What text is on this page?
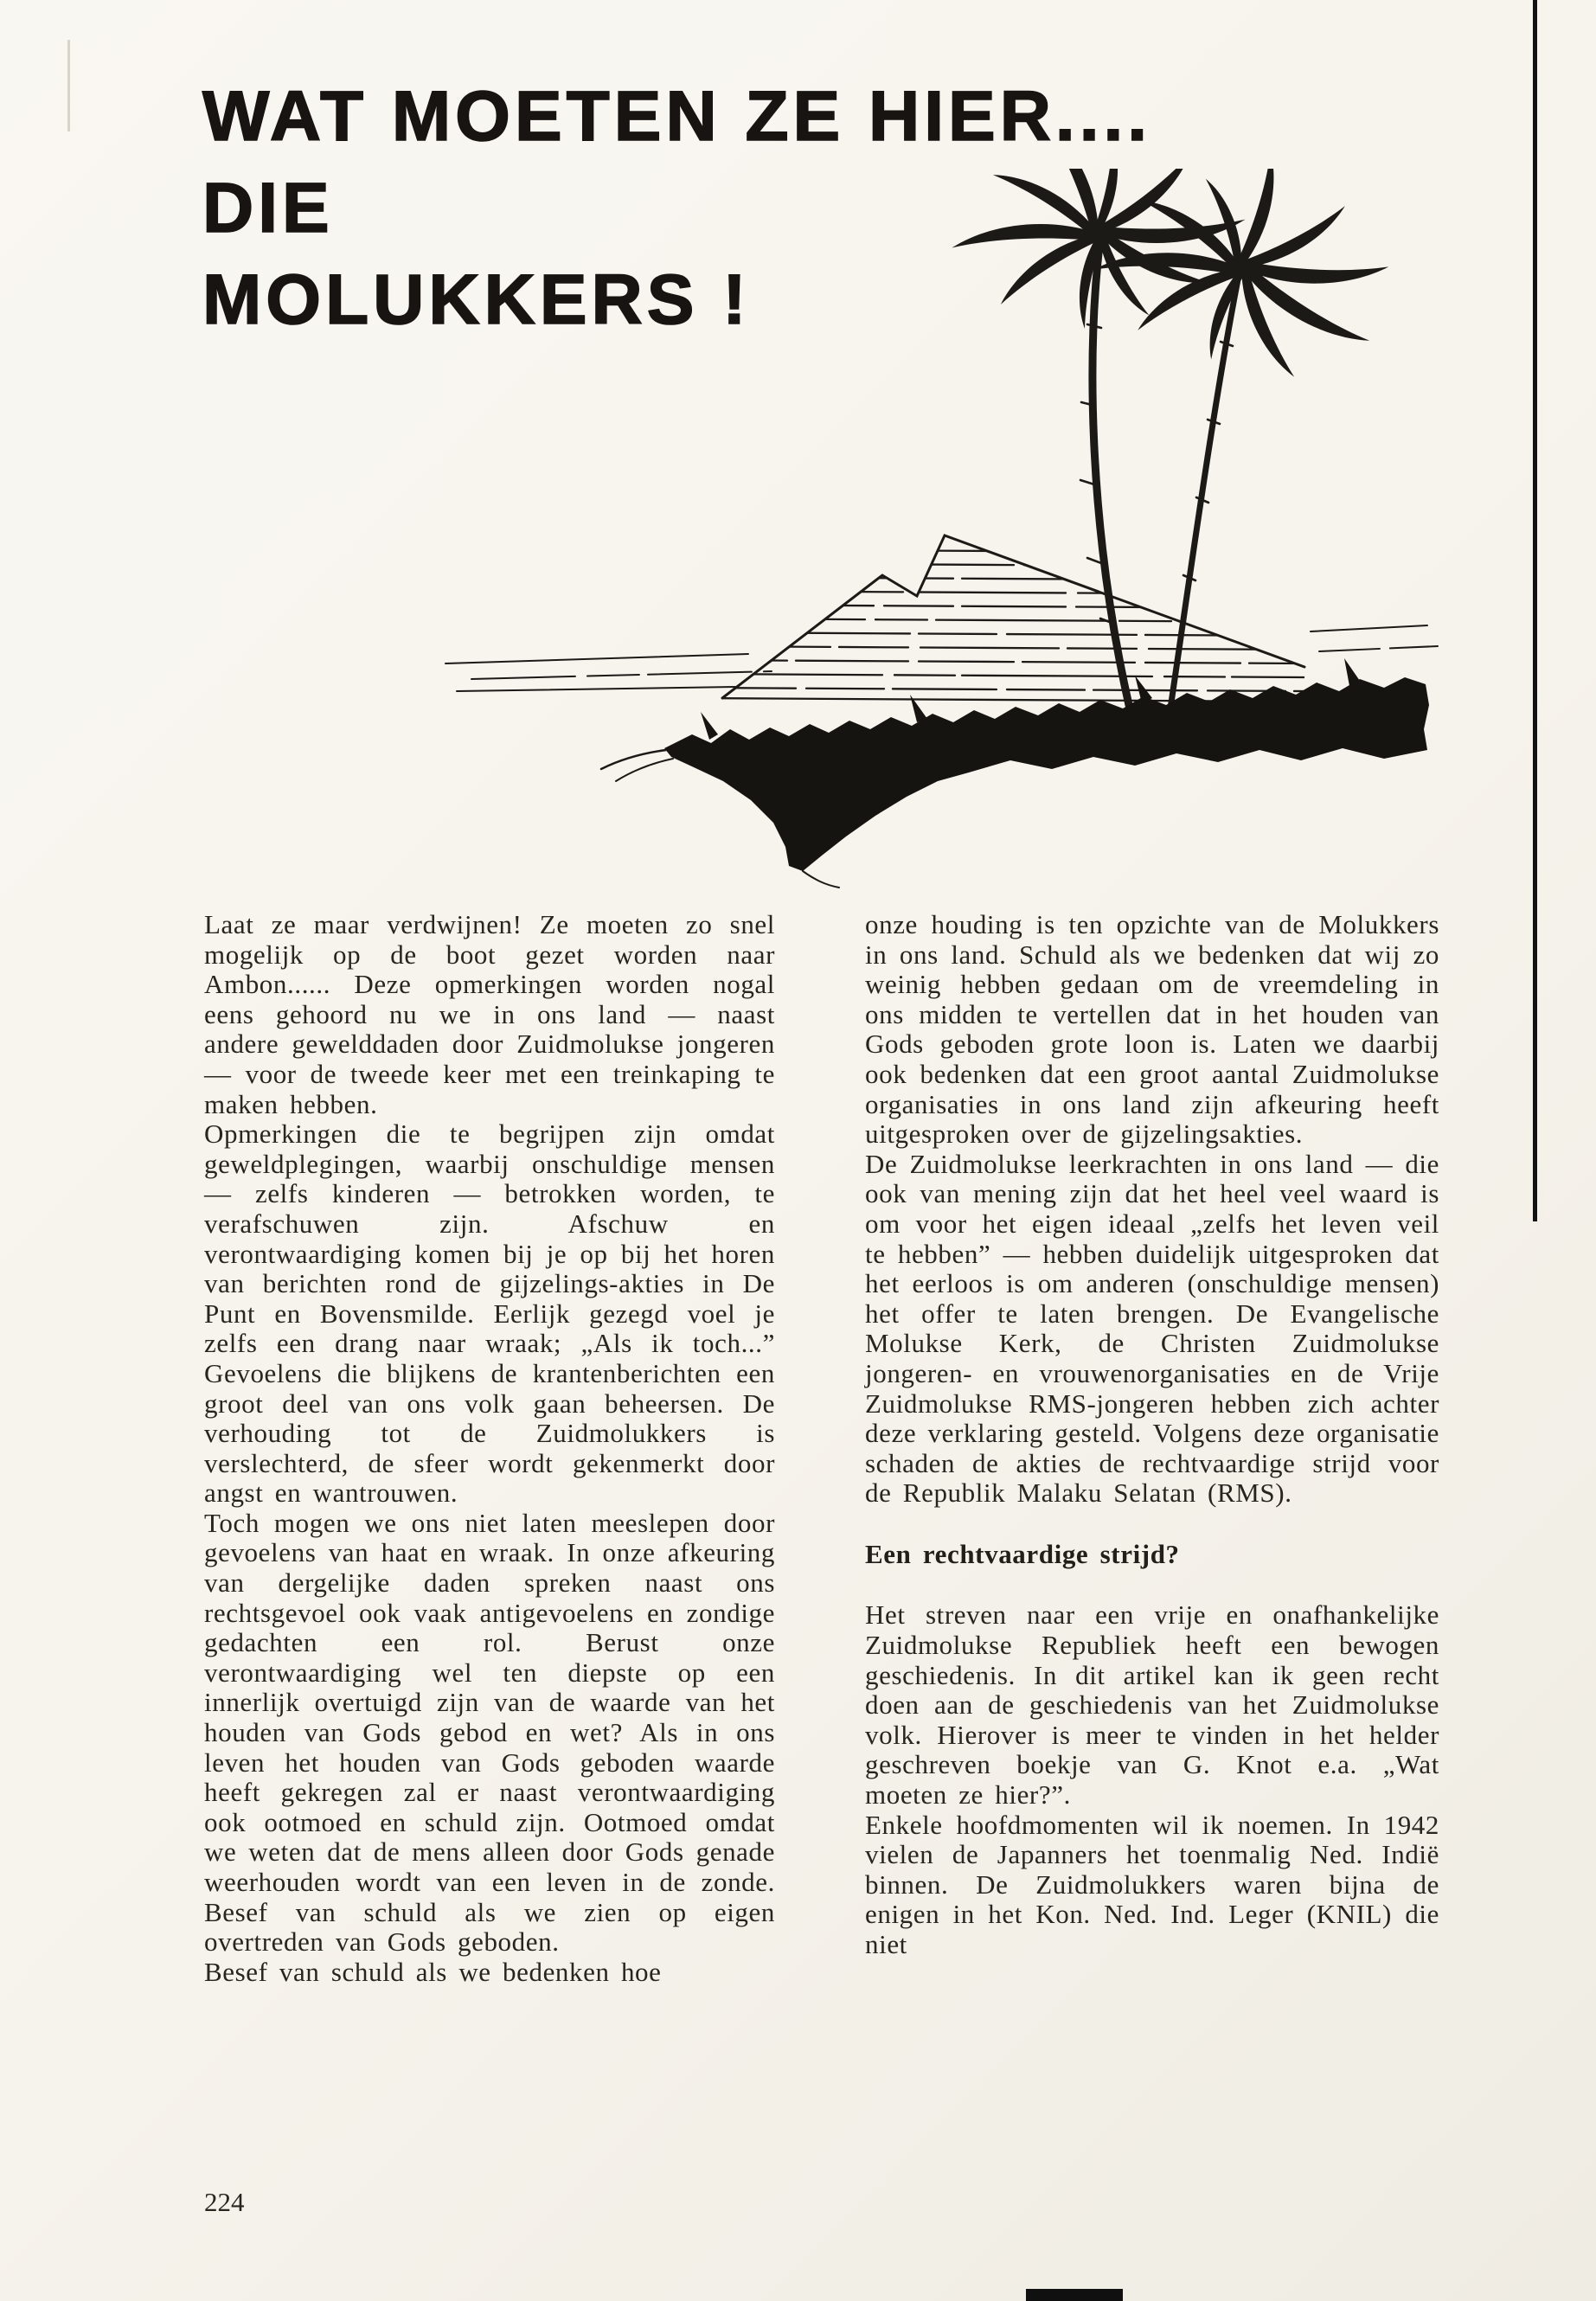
WAT MOETEN ZE HIER....
DIE
MOLUKKERS !

Laat ze maar verdwijnen! Ze moeten zo snel mogelijk op de boot gezet worden naar Ambon...... Deze opmerkingen worden nogal eens gehoord nu we in ons land — naast andere gewelddaden door Zuidmolukse jongeren — voor de tweede keer met een treinkaping te maken hebben.

Opmerkingen die te begrijpen zijn omdat geweldplegingen, waarbij onschuldige mensen — zelfs kinderen — betrokken worden, te verafschuwen zijn. Afschuw en verontwaardiging komen bij je op bij het horen van berichten rond de gijzelings-akties in De Punt en Bovensmilde. Eerlijk gezegd voel je zelfs een drang naar wraak; „Als ik toch...” Gevoelens die blijkens de krantenberichten een groot deel van ons volk gaan beheersen. De verhouding tot de Zuidmolukkers is verslechterd, de sfeer wordt gekenmerkt door angst en wantrouwen.

Toch mogen we ons niet laten meeslepen door gevoelens van haat en wraak. In onze afkeuring van dergelijke daden spreken naast ons rechtsgevoel ook vaak antigevoelens en zondige gedachten een rol. Berust onze verontwaardiging wel ten diepste op een innerlijk overtuigd zijn van de waarde van het houden van Gods gebod en wet? Als in ons leven het houden van Gods geboden waarde heeft gekregen zal er naast verontwaardiging ook ootmoed en schuld zijn. Ootmoed omdat we weten dat de mens alleen door Gods genade weerhouden wordt van een leven in de zonde. Besef van schuld als we zien op eigen overtreden van Gods geboden.

Besef van schuld als we bedenken hoe

onze houding is ten opzichte van de Molukkers in ons land. Schuld als we bedenken dat wij zo weinig hebben gedaan om de vreemdeling in ons midden te vertellen dat in het houden van Gods geboden grote loon is. Laten we daarbij ook bedenken dat een groot aantal Zuidmolukse organisaties in ons land zijn afkeuring heeft uitgesproken over de gijzelingsakties.

De Zuidmolukse leerkrachten in ons land — die ook van mening zijn dat het heel veel waard is om voor het eigen ideaal „zelfs het leven veil te hebben” — hebben duidelijk uitgesproken dat het eerloos is om anderen (onschuldige mensen) het offer te laten brengen. De Evangelische Molukse Kerk, de Christen Zuidmolukse jongeren- en vrouwenorganisaties en de Vrije Zuidmolukse RMS-jongeren hebben zich achter deze verklaring gesteld. Volgens deze organisatie schaden de akties de rechtvaardige strijd voor de Republik Malaku Selatan (RMS).

Een rechtvaardige strijd?

Het streven naar een vrije en onafhankelijke Zuidmolukse Republiek heeft een bewogen geschiedenis. In dit artikel kan ik geen recht doen aan de geschiedenis van het Zuidmolukse volk. Hierover is meer te vinden in het helder geschreven boekje van G. Knot e.a. „Wat moeten ze hier?”.

Enkele hoofdmomenten wil ik noemen. In 1942 vielen de Japanners het toenmalig Ned. Indië binnen. De Zuidmolukkers waren bijna de enigen in het Kon. Ned. Ind. Leger (KNIL) die niet

224
